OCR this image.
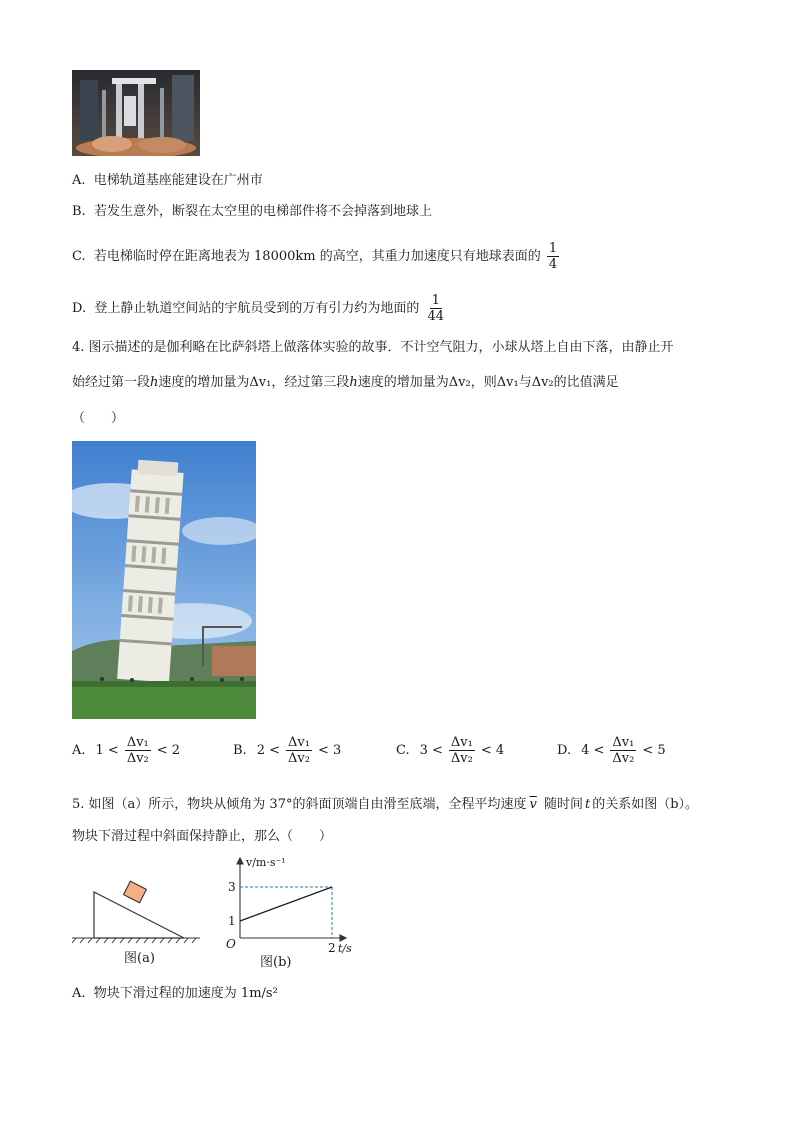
A. 电梯轨道基座能建设在广州市
B. 若发生意外，断裂在太空里的电梯部件将不会掉落到地球上
C. 若电梯临时停在距离地表为 18000km 的高空，其重力加速度只有地球表面的 $\frac{1}{4}$
D. 登上静止轨道空间站的宇航员受到的万有引力约为地面的 $\frac{1}{44}$
4. 图示描述的是伽利略在比萨斜塔上做落体实验的故事．不计空气阻力，小球从塔上自由下落，由静止开
始经过第一段h速度的增加量为Δv₁，经过第三段h速度的增加量为Δv₂，则Δv₁与Δv₂的比值满足
（　　）
A. $1 < \frac{\text{Δv₁}}{\text{Δv₂}} < 2$	B. $2 < \frac{\text{Δv₁}}{\text{Δv₂}} < 3$	C. $3 < \frac{\text{Δv₁}}{\text{Δv₂}} < 4$	D. $4 < \frac{\text{Δv₁}}{\text{Δv₂}} < 5$
5. 如图（a）所示，物块从倾角为 37°的斜面顶端自由滑至底端，全程平均速度 $\overline{v}$ 随时间 t 的关系如图（b）。
物块下滑过程中斜面保持静止，那么（　　）
图(a)
v/m·s⁻¹
t/s
O
1
3
2
图(b)
A. 物块下滑过程的加速度为 1m/s²
